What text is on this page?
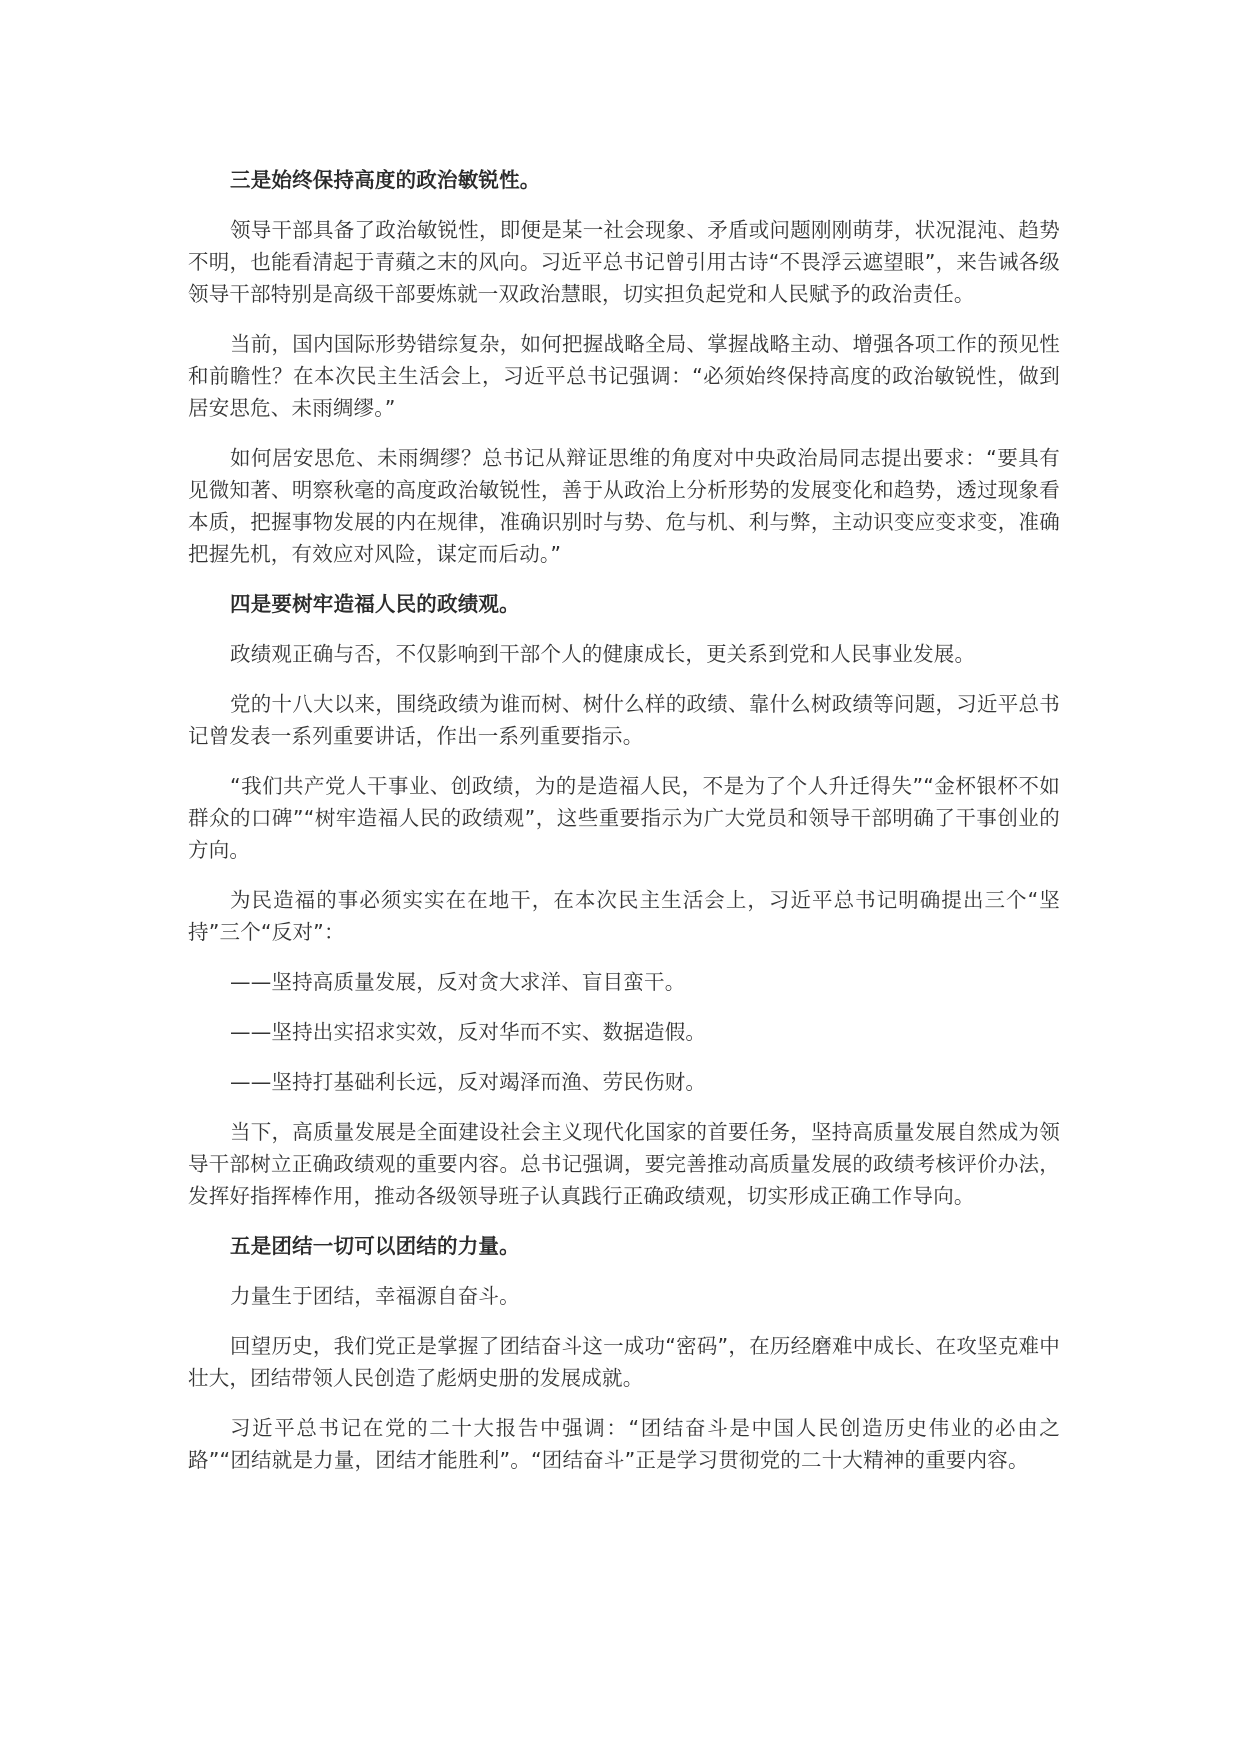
三是始终保持高度的政治敏锐性。

领导干部具备了政治敏锐性，即便是某一社会现象、矛盾或问题刚刚萌芽，状况混沌、趋势不明，也能看清起于青蘋之末的风向。习近平总书记曾引用古诗“不畏浮云遮望眼”，来告诫各级领导干部特别是高级干部要炼就一双政治慧眼，切实担负起党和人民赋予的政治责任。

当前，国内国际形势错综复杂，如何把握战略全局、掌握战略主动、增强各项工作的预见性和前瞻性？在本次民主生活会上，习近平总书记强调：“必须始终保持高度的政治敏锐性，做到居安思危、未雨绸缪。”

如何居安思危、未雨绸缪？总书记从辩证思维的角度对中央政治局同志提出要求：“要具有见微知著、明察秋毫的高度政治敏锐性，善于从政治上分析形势的发展变化和趋势，透过现象看本质，把握事物发展的内在规律，准确识别时与势、危与机、利与弊，主动识变应变求变，准确把握先机，有效应对风险，谋定而后动。”

四是要树牢造福人民的政绩观。

政绩观正确与否，不仅影响到干部个人的健康成长，更关系到党和人民事业发展。

党的十八大以来，围绕政绩为谁而树、树什么样的政绩、靠什么树政绩等问题，习近平总书记曾发表一系列重要讲话，作出一系列重要指示。

“我们共产党人干事业、创政绩，为的是造福人民，不是为了个人升迁得失”“金杯银杯不如群众的口碑”“树牢造福人民的政绩观”，这些重要指示为广大党员和领导干部明确了干事创业的方向。

为民造福的事必须实实在在地干，在本次民主生活会上，习近平总书记明确提出三个“坚持”三个“反对”：

——坚持高质量发展，反对贪大求洋、盲目蛮干。

——坚持出实招求实效，反对华而不实、数据造假。

——坚持打基础利长远，反对竭泽而渔、劳民伤财。

当下，高质量发展是全面建设社会主义现代化国家的首要任务，坚持高质量发展自然成为领导干部树立正确政绩观的重要内容。总书记强调，要完善推动高质量发展的政绩考核评价办法，发挥好指挥棒作用，推动各级领导班子认真践行正确政绩观，切实形成正确工作导向。

五是团结一切可以团结的力量。

力量生于团结，幸福源自奋斗。

回望历史，我们党正是掌握了团结奋斗这一成功“密码”，在历经磨难中成长、在攻坚克难中壮大，团结带领人民创造了彪炳史册的发展成就。

习近平总书记在党的二十大报告中强调：“团结奋斗是中国人民创造历史伟业的必由之路”“团结就是力量，团结才能胜利”。“团结奋斗”正是学习贯彻党的二十大精神的重要内容。
